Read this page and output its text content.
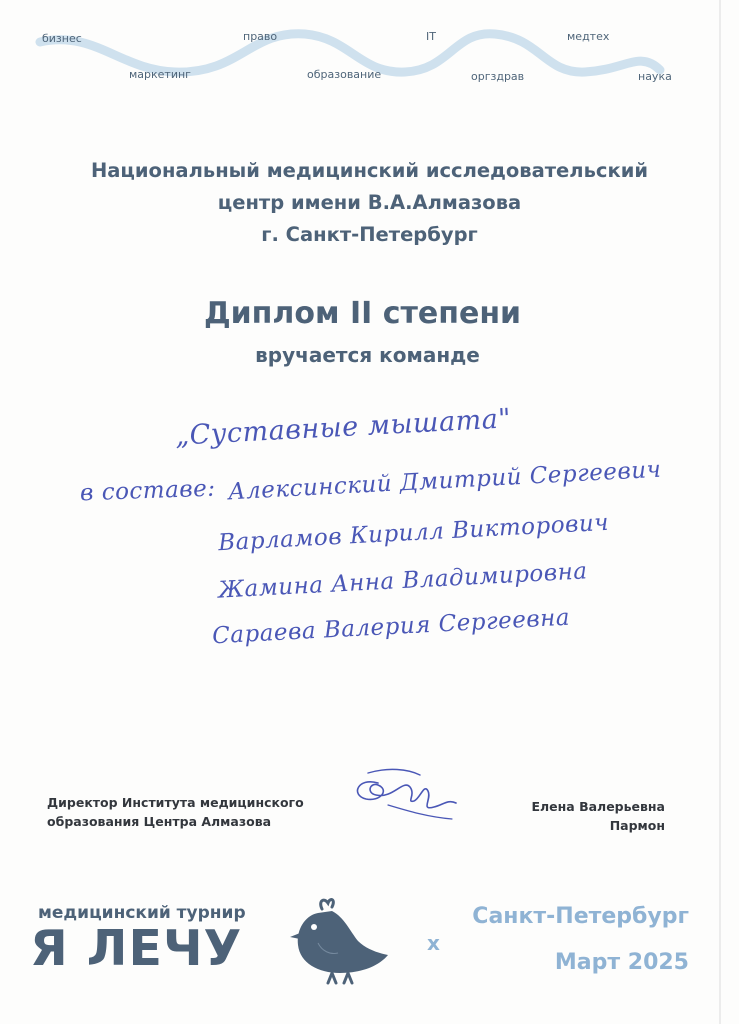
бизнес	право	IT	медтех
маркетинг	образование	оргздрав	наука
Национальный медицинский исследовательский
центр имени В.А.Алмазова
г. Санкт-Петербург
Диплом II степени
вручается команде
„Суставные мышата"
в составе: Алексинский Дмитрий Сергеевич
Варламов Кирилл Викторович
Жамина Анна Владимировна
Сараева Валерия Сергеевна
Директор Института медицинского
образования Центра Алмазова
Елена Валерьевна
Пармон
медицинский турнир
Я ЛЕЧУ	x
Санкт-Петербург
Март 2025
